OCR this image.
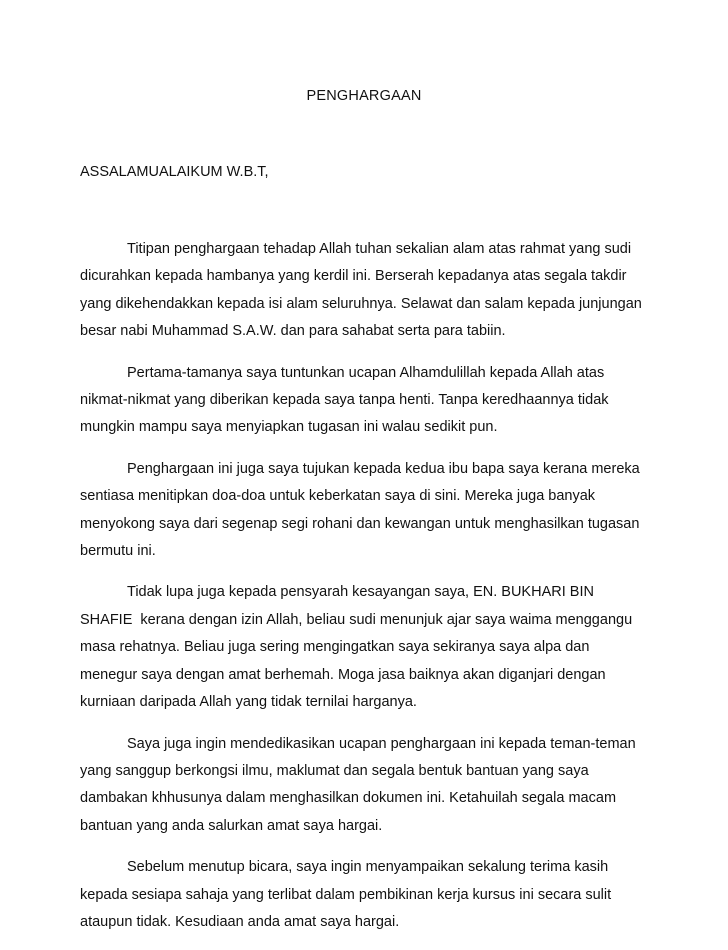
PENGHARGAAN
ASSALAMUALAIKUM W.B.T,

Titipan penghargaan tehadap Allah tuhan sekalian alam atas rahmat yang sudi
dicurahkan kepada hambanya yang kerdil ini. Berserah kepadanya atas segala takdir
yang dikehendakkan kepada isi alam seluruhnya. Selawat dan salam kepada junjungan
besar nabi Muhammad S.A.W. dan para sahabat serta para tabiin.

Pertama-tamanya saya tuntunkan ucapan Alhamdulillah kepada Allah atas
nikmat-nikmat yang diberikan kepada saya tanpa henti. Tanpa keredhaannya tidak
mungkin mampu saya menyiapkan tugasan ini walau sedikit pun.

Penghargaan ini juga saya tujukan kepada kedua ibu bapa saya kerana mereka
sentiasa menitipkan doa-doa untuk keberkatan saya di sini. Mereka juga banyak
menyokong saya dari segenap segi rohani dan kewangan untuk menghasilkan tugasan
bermutu ini.

Tidak lupa juga kepada pensyarah kesayangan saya, EN. BUKHARI BIN
SHAFIE  kerana dengan izin Allah, beliau sudi menunjuk ajar saya waima menggangu
masa rehatnya. Beliau juga sering mengingatkan saya sekiranya saya alpa dan
menegur saya dengan amat berhemah. Moga jasa baiknya akan diganjari dengan
kurniaan daripada Allah yang tidak ternilai harganya.

Saya juga ingin mendedikasikan ucapan penghargaan ini kepada teman-teman
yang sanggup berkongsi ilmu, maklumat dan segala bentuk bantuan yang saya
dambakan khhusunya dalam menghasilkan dokumen ini. Ketahuilah segala macam
bantuan yang anda salurkan amat saya hargai.

Sebelum menutup bicara, saya ingin menyampaikan sekalung terima kasih
kepada sesiapa sahaja yang terlibat dalam pembikinan kerja kursus ini secara sulit
ataupun tidak. Kesudiaan anda amat saya hargai.
